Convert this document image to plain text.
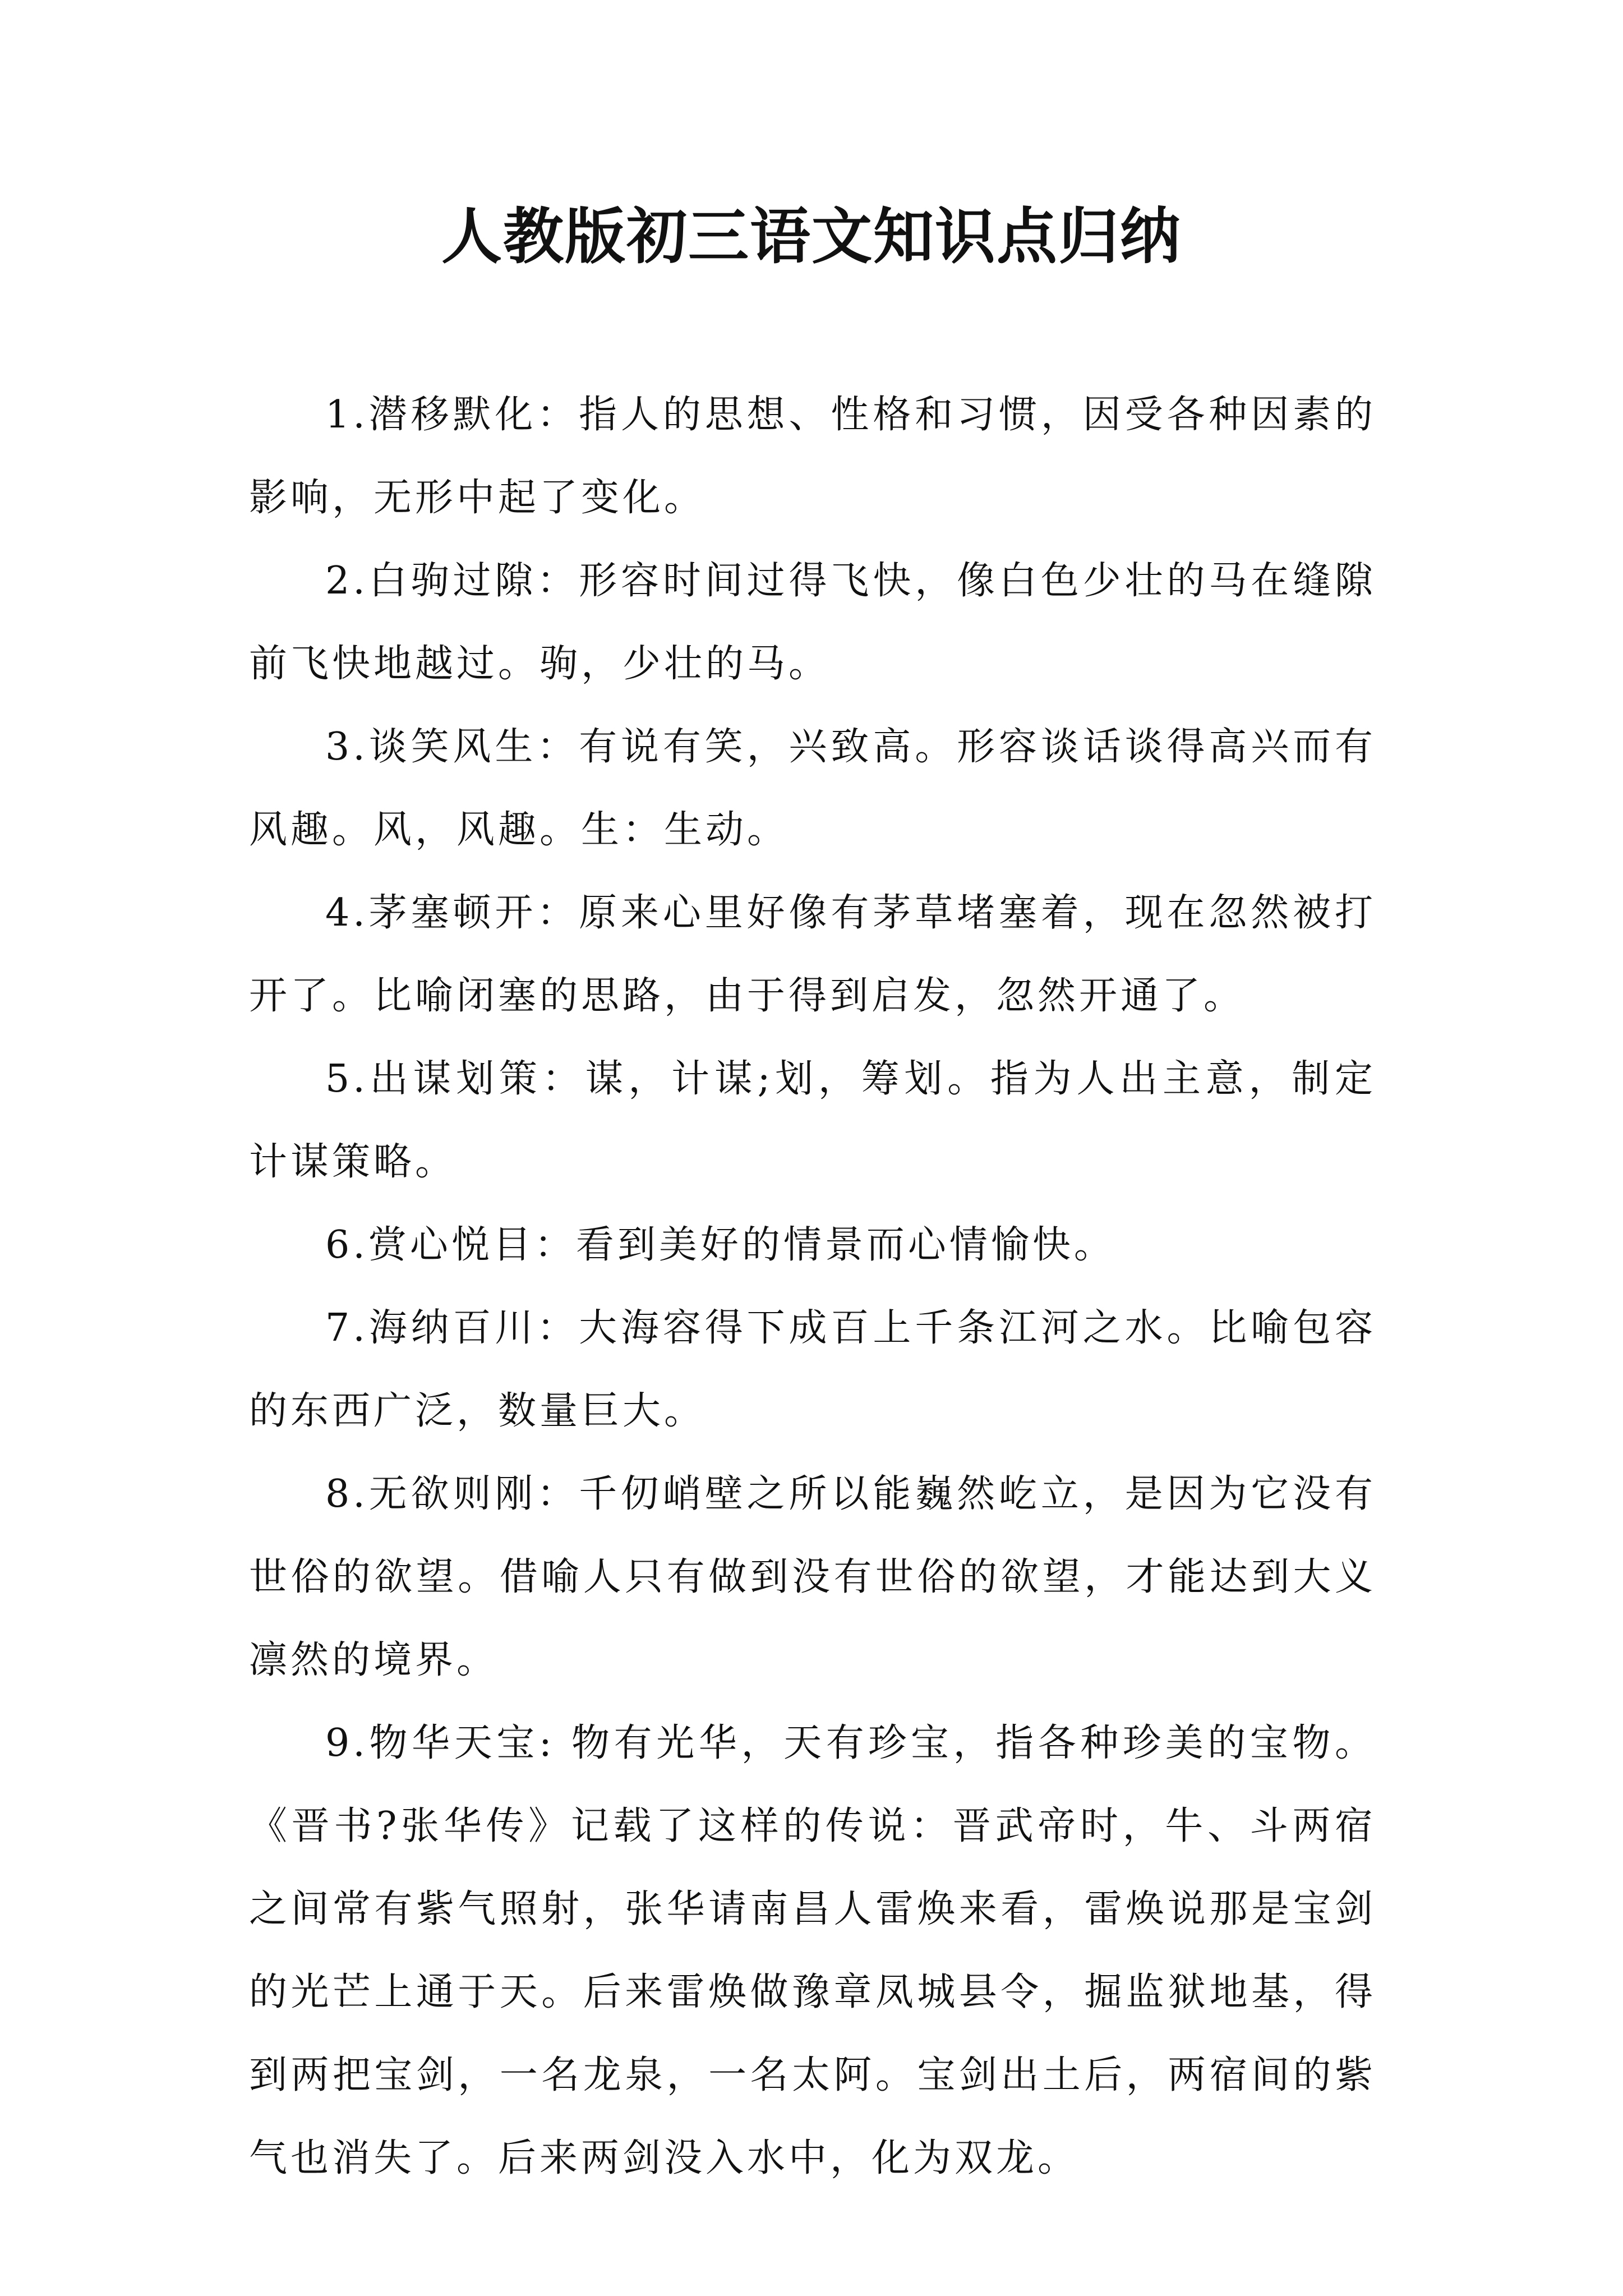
人教版初三语文知识点归纳

1.潜移默化：指人的思想、性格和习惯，因受各种因素的影响，无形中起了变化。

2.白驹过隙：形容时间过得飞快，像白色少壮的马在缝隙前飞快地越过。驹，少壮的马。

3.谈笑风生：有说有笑，兴致高。形容谈话谈得高兴而有风趣。风，风趣。生：生动。

4.茅塞顿开：原来心里好像有茅草堵塞着，现在忽然被打开了。比喻闭塞的思路，由于得到启发，忽然开通了。

5.出谋划策：谋，计谋;划，筹划。指为人出主意，制定计谋策略。

6.赏心悦目：看到美好的情景而心情愉快。

7.海纳百川：大海容得下成百上千条江河之水。比喻包容的东西广泛，数量巨大。

8.无欲则刚：千仞峭壁之所以能巍然屹立，是因为它没有世俗的欲望。借喻人只有做到没有世俗的欲望，才能达到大义凛然的境界。

9.物华天宝: 物有光华，天有珍宝，指各种珍美的宝物。《晋书?张华传》记载了这样的传说：晋武帝时，牛、斗两宿之间常有紫气照射，张华请南昌人雷焕来看，雷焕说那是宝剑的光芒上通于天。后来雷焕做豫章凤城县令，掘监狱地基，得到两把宝剑，一名龙泉，一名太阿。宝剑出土后，两宿间的紫气也消失了。后来两剑没入水中，化为双龙。
